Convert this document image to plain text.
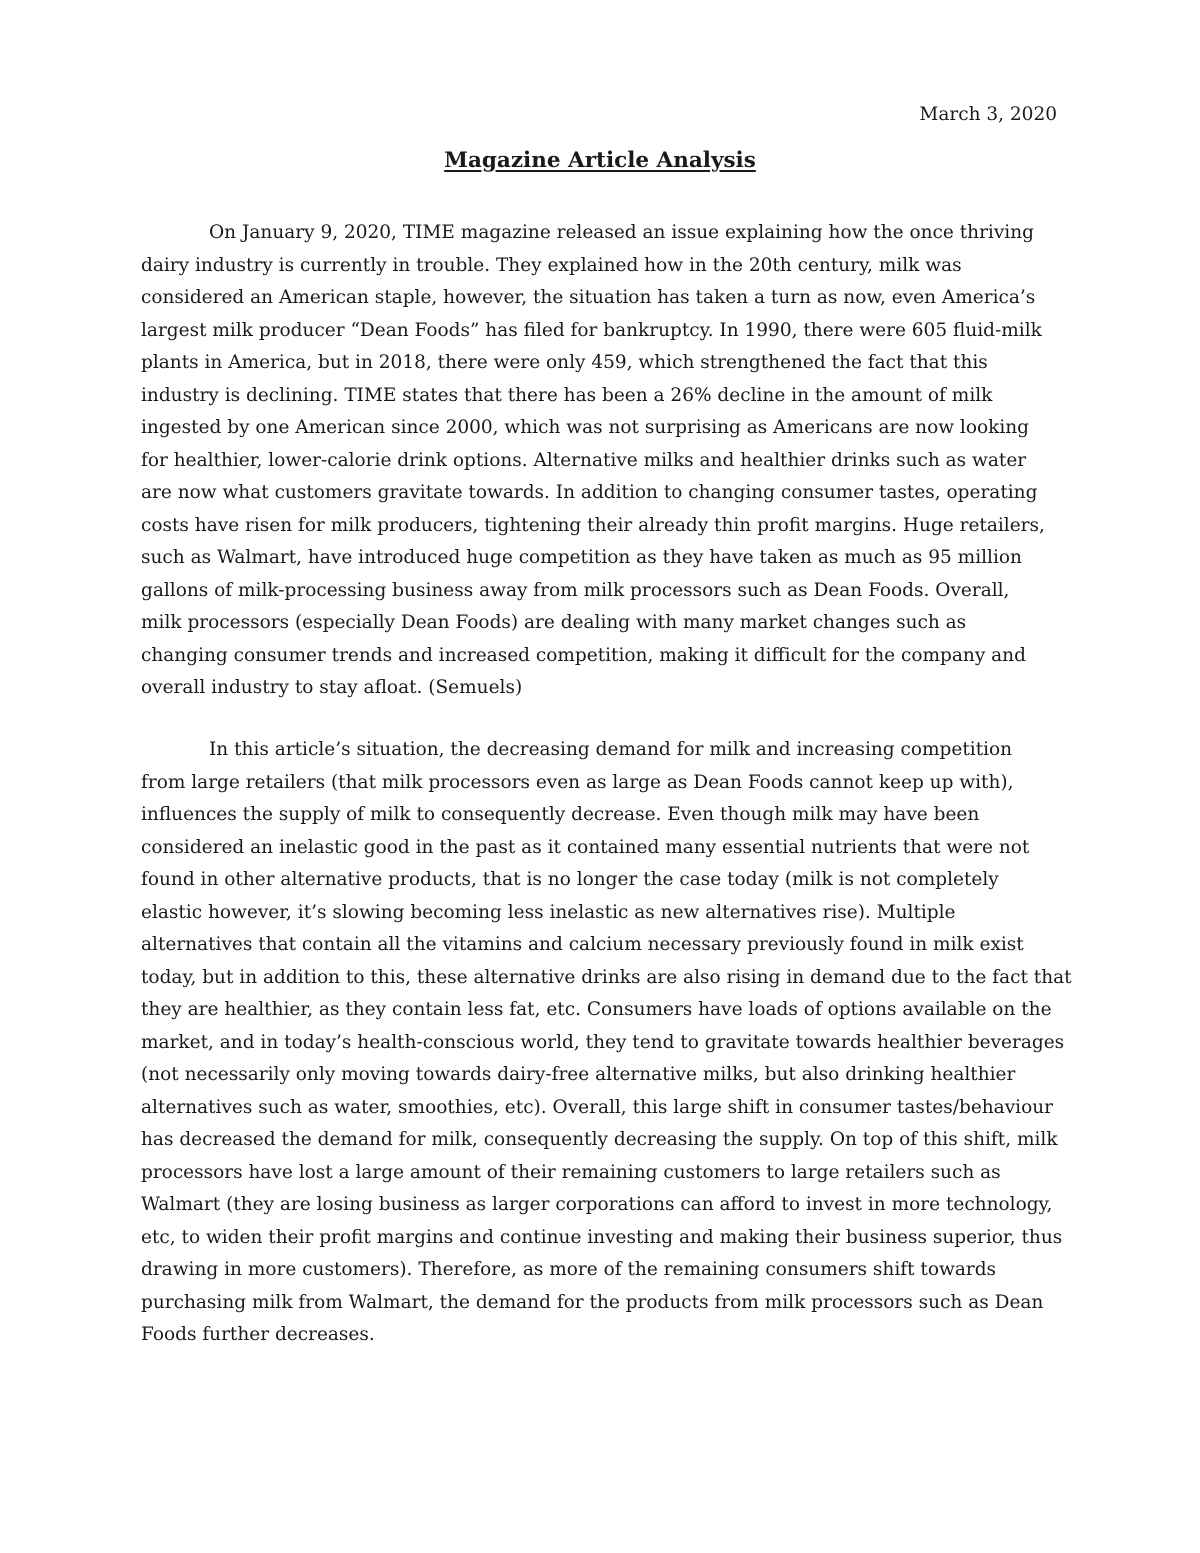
March 3, 2020
Magazine Article Analysis
On January 9, 2020, TIME magazine released an issue explaining how the once thriving
dairy industry is currently in trouble. They explained how in the 20th century, milk was
considered an American staple, however, the situation has taken a turn as now, even America’s
largest milk producer “Dean Foods” has filed for bankruptcy. In 1990, there were 605 fluid-milk
plants in America, but in 2018, there were only 459, which strengthened the fact that this
industry is declining. TIME states that there has been a 26% decline in the amount of milk
ingested by one American since 2000, which was not surprising as Americans are now looking
for healthier, lower-calorie drink options. Alternative milks and healthier drinks such as water
are now what customers gravitate towards. In addition to changing consumer tastes, operating
costs have risen for milk producers, tightening their already thin profit margins. Huge retailers,
such as Walmart, have introduced huge competition as they have taken as much as 95 million
gallons of milk-processing business away from milk processors such as Dean Foods. Overall,
milk processors (especially Dean Foods) are dealing with many market changes such as
changing consumer trends and increased competition, making it difficult for the company and
overall industry to stay afloat. (Semuels)
In this article’s situation, the decreasing demand for milk and increasing competition
from large retailers (that milk processors even as large as Dean Foods cannot keep up with),
influences the supply of milk to consequently decrease. Even though milk may have been
considered an inelastic good in the past as it contained many essential nutrients that were not
found in other alternative products, that is no longer the case today (milk is not completely
elastic however, it’s slowing becoming less inelastic as new alternatives rise). Multiple
alternatives that contain all the vitamins and calcium necessary previously found in milk exist
today, but in addition to this, these alternative drinks are also rising in demand due to the fact that
they are healthier, as they contain less fat, etc. Consumers have loads of options available on the
market, and in today’s health-conscious world, they tend to gravitate towards healthier beverages
(not necessarily only moving towards dairy-free alternative milks, but also drinking healthier
alternatives such as water, smoothies, etc). Overall, this large shift in consumer tastes/behaviour
has decreased the demand for milk, consequently decreasing the supply. On top of this shift, milk
processors have lost a large amount of their remaining customers to large retailers such as
Walmart (they are losing business as larger corporations can afford to invest in more technology,
etc, to widen their profit margins and continue investing and making their business superior, thus
drawing in more customers). Therefore, as more of the remaining consumers shift towards
purchasing milk from Walmart, the demand for the products from milk processors such as Dean
Foods further decreases.
